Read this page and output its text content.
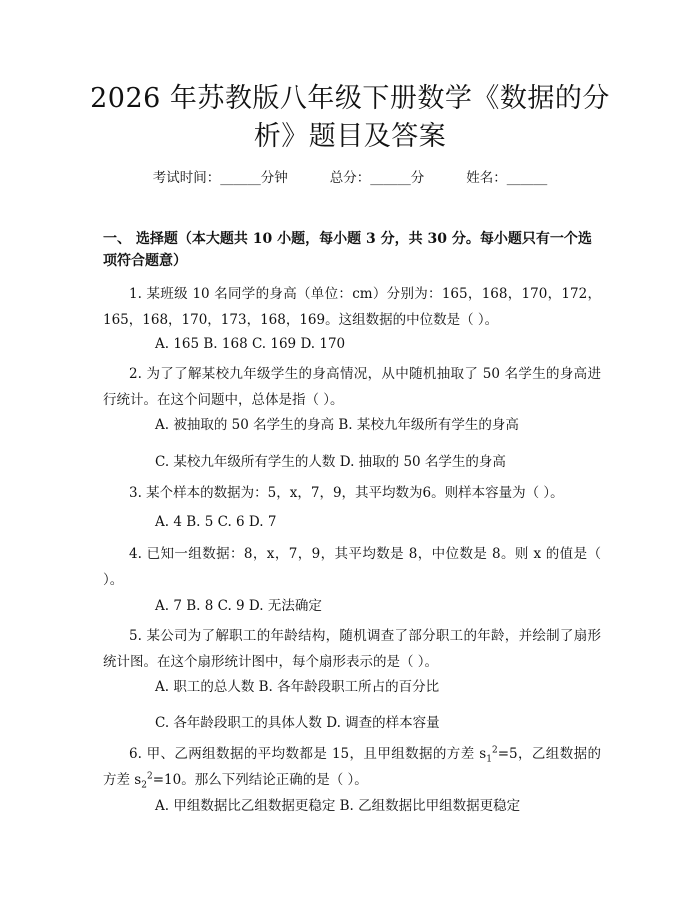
2026 年苏教版八年级下册数学《数据的分
析》题目及答案
考试时间：______分钟	总分：______分	姓名：______
一、 选择题（本大题共 10 小题，每小题 3 分，共 30 分。每小题只有一个选项符合题意）
1. 某班级 10 名同学的身高（单位：cm）分别为：165，168，170，172，165，168，170，173，168，169。这组数据的中位数是（ ）。
A. 165 B. 168 C. 169 D. 170
2. 为了了解某校九年级学生的身高情况，从中随机抽取了 50 名学生的身高进行统计。在这个问题中，总体是指（ ）。
A. 被抽取的 50 名学生的身高 B. 某校九年级所有学生的身高
C. 某校九年级所有学生的人数 D. 抽取的 50 名学生的身高
3. 某个样本的数据为：5，x，7，9，其平均数为6。则样本容量为（ ）。
A. 4 B. 5 C. 6 D. 7
4. 已知一组数据：8，x，7，9，其平均数是 8，中位数是 8。则 x 的值是（ ）。
A. 7 B. 8 C. 9 D. 无法确定
5. 某公司为了解职工的年龄结构，随机调查了部分职工的年龄，并绘制了扇形统计图。在这个扇形统计图中，每个扇形表示的是（ ）。
A. 职工的总人数 B. 各年龄段职工所占的百分比
C. 各年龄段职工的具体人数 D. 调查的样本容量
6. 甲、乙两组数据的平均数都是 15，且甲组数据的方差 $s_1^2=5$，乙组数据的方差 $s_2^2=10$。那么下列结论正确的是（ ）。
A. 甲组数据比乙组数据更稳定 B. 乙组数据比甲组数据更稳定
